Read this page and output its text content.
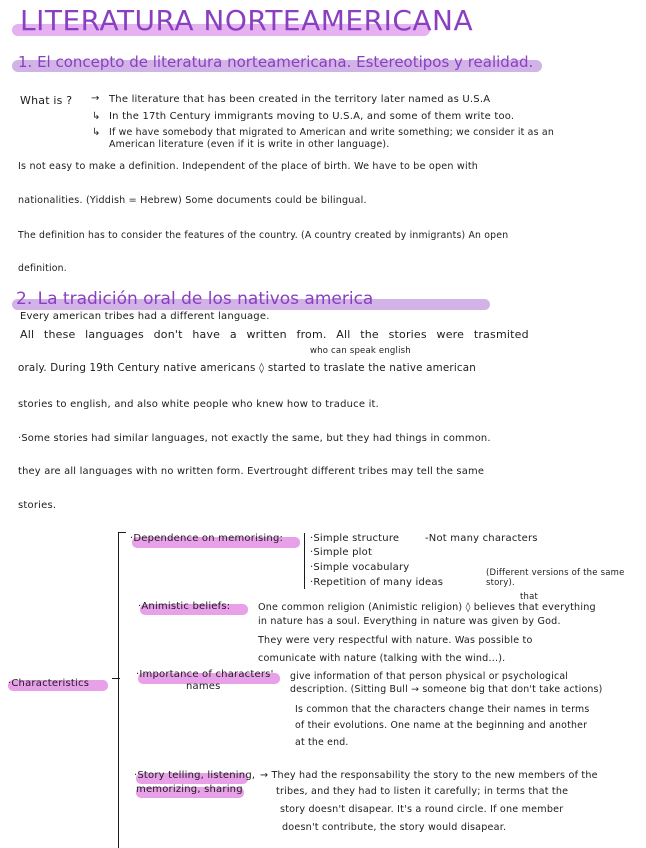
LITERATURA NORTEAMERICANA
1. El concepto de literatura norteamericana. Estereotipos y realidad.
What is ? → The literature that has been created in the territory later named as U.S.A
↳ In the 17th Century immigrants moving to U.S.A, and some of them write too.
↳ If we have somebody that migrated to American and write something; we consider it as an
American literature (even if it is write in other language).
Is not easy to make a definition. Independent of the place of birth. We have to be open with
nationalities. (Yiddish = Hebrew) Some documents could be bilingual.
The definition has to consider the features of the country. (A country created by inmigrants) An open
definition.
2. La tradición oral de los nativos america
Every american tribes had a different language.
All these languages don't have a written from. All the stories were trasmited
who can speak english
oraly. During 19th Century native americans ◊ started to traslate the native american
stories to english, and also white people who knew how to traduce it.
·Some stories had similar languages, not exactly the same, but they had things in common.
they are all languages with no written form. Evertrought different tribes may tell the same
stories.
·Characteristics
·Dependence on memorising:	·Simple structure
·Simple plot
·Simple vocabulary
·Repetition of many ideas
-Not many characters
(Different versions of the same story).
·Animistic beliefs:
that
One common religion (Animistic religion) ◊ believes that everything
in nature has a soul. Everything in nature was given by God.
They were very respectful with nature. Was possible to
comunicate with nature (talking with the wind...).
·Importance of characters'
names
give information of that person physical or psychological
description. (Sitting Bull → someone big that don't take actions)
Is common that the characters change their names in terms
of their evolutions. One name at the beginning and another
at the end.
·Story telling, listening,
memorizing, sharing
→ They had the responsability the story to the new members of the
tribes, and they had to listen it carefully; in terms that the
story doesn't disapear. It's a round circle. If one member
doesn't contribute, the story would disapear.
